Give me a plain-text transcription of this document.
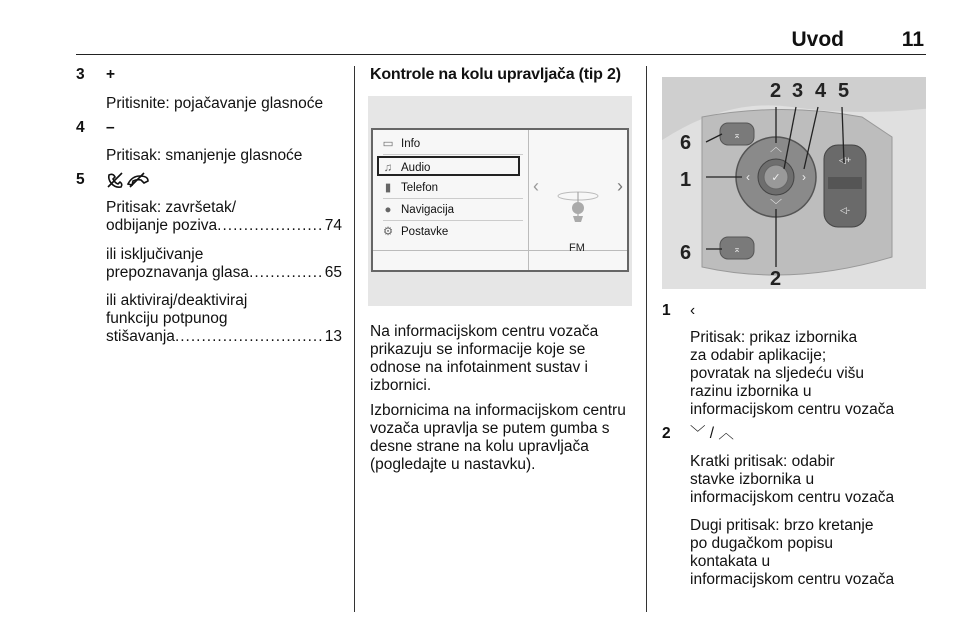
Uvod	11
3 +
Pritisnite: pojačavanje glasnoće
4 –
Pritisak: smanjenje glasnoće
5
Pritisak: završetak/
odbijanje poziva .....	74
ili isključivanje
prepoznavanja glasa .....	65
ili aktiviraj/deaktiviraj
funkciju potpunog
stišavanja .....	13
Kontrole na kolu upravljača (tip 2)
▭ Info
♫ Audio
▮ Telefon
● Navigacija
⚙ Postavke
‹	›
FM
Na informacijskom centru vozača
prikazuju se informacije koje se
odnose na infotainment sustav i
izbornici.
Izbornicima na informacijskom centru
vozača upravlja se putem gumba s
desne strane na kolu upravljača
(pogledajte u nastavku).
⌅
⌅
✓
︿
﹀
‹	›
◁+
◁-
2 3 4 5
6
1
6
2
1 ‹
Pritisak: prikaz izbornika
za odabir aplikacije;
povratak na sljedeću višu
razinu izbornika u
informacijskom centru vozača
2 ﹀ / ︿
Kratki pritisak: odabir
stavke izbornika u
informacijskom centru vozača
Dugi pritisak: brzo kretanje
po dugačkom popisu
kontakata u
informacijskom centru vozača
